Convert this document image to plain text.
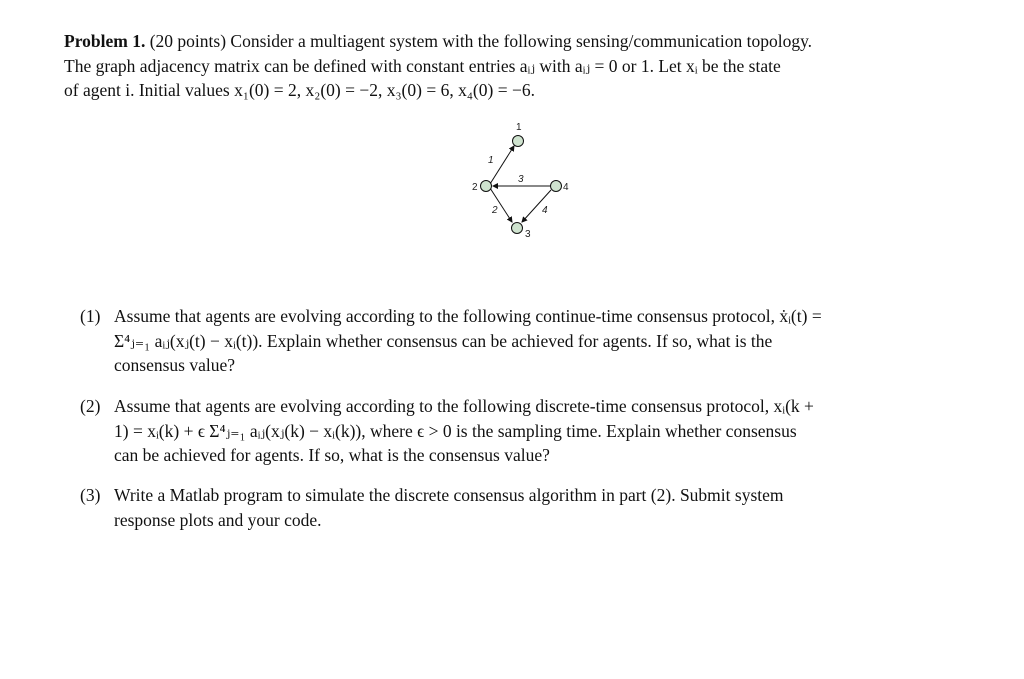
Problem 1. (20 points) Consider a multiagent system with the following sensing/communication topology.
The graph adjacency matrix can be defined with constant entries aᵢⱼ with aᵢⱼ = 0 or 1. Let xᵢ be the state
of agent i. Initial values x₁(0) = 2, x₂(0) = −2, x₃(0) = 6, x₄(0) = −6.
1
2
3
4
1
2
3
4
(1) Assume that agents are evolving according to the following continue-time consensus protocol, ẋᵢ(t) =
Σ⁴ⱼ₌₁ aᵢⱼ(xⱼ(t) − xᵢ(t)). Explain whether consensus can be achieved for agents. If so, what is the
consensus value?
(2) Assume that agents are evolving according to the following discrete-time consensus protocol, xᵢ(k +
1) = xᵢ(k) + ϵ Σ⁴ⱼ₌₁ aᵢⱼ(xⱼ(k) − xᵢ(k)), where ϵ > 0 is the sampling time. Explain whether consensus
can be achieved for agents. If so, what is the consensus value?
(3) Write a Matlab program to simulate the discrete consensus algorithm in part (2). Submit system
response plots and your code.
